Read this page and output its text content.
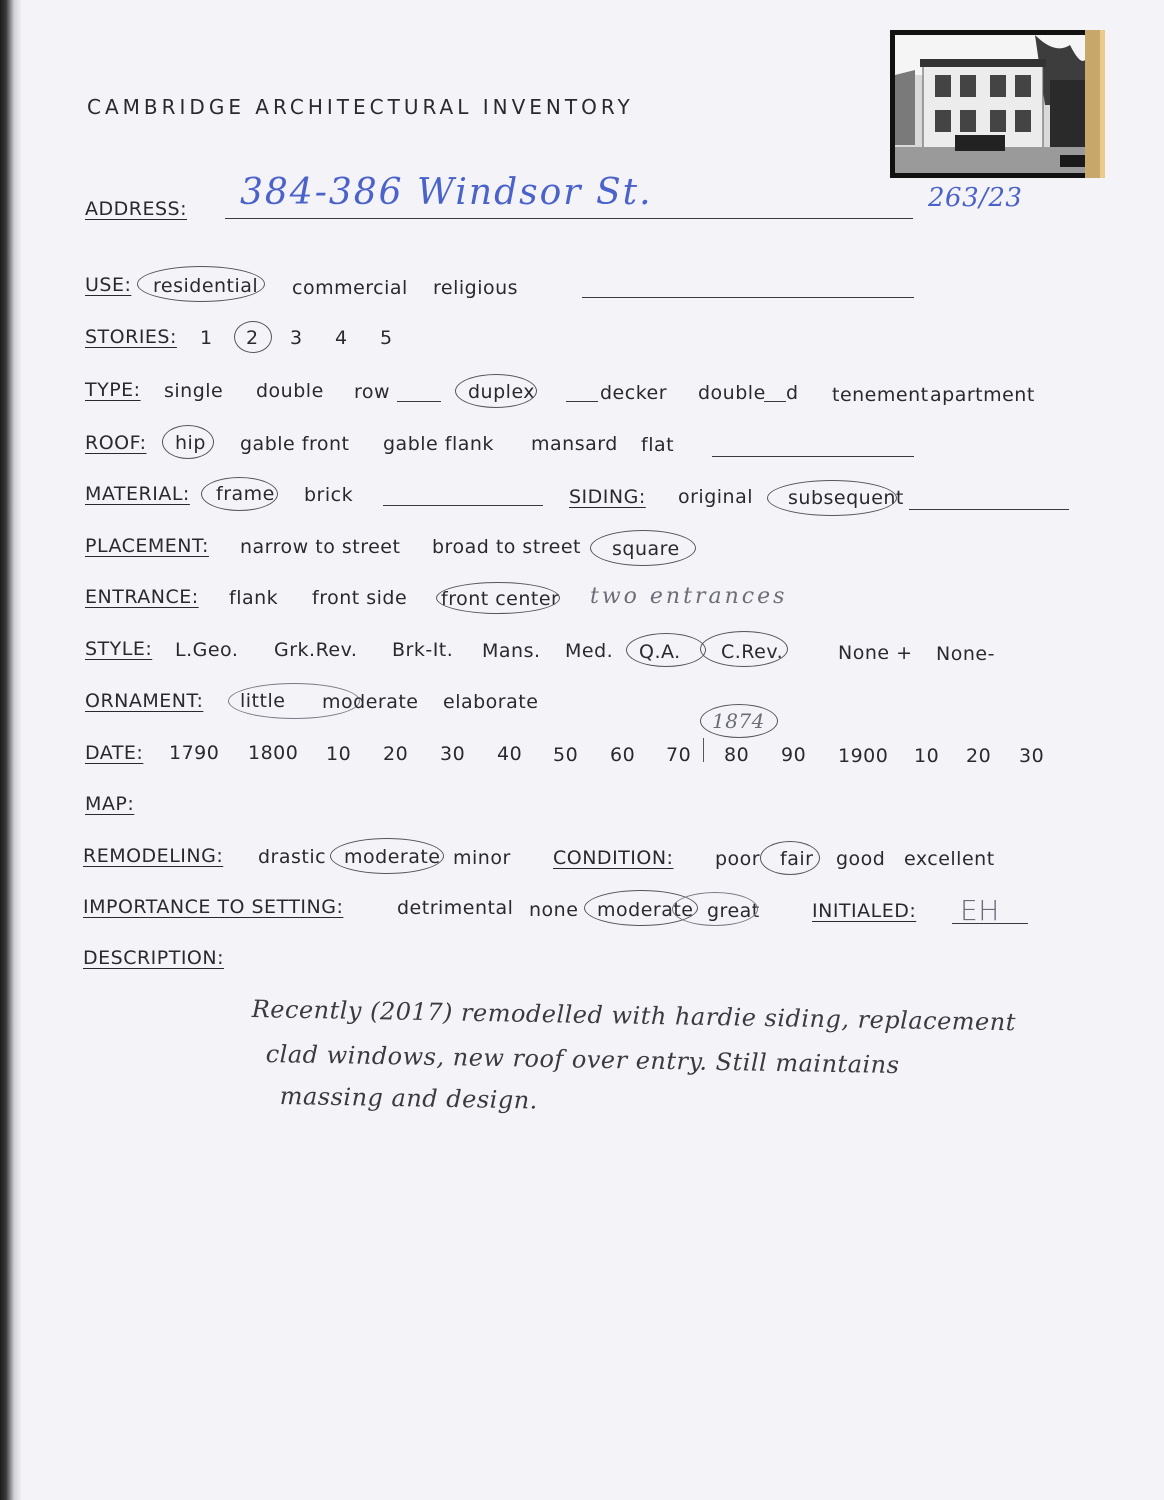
CAMBRIDGE ARCHITECTURAL INVENTORY
ADDRESS: 384-386 Windsor St.	263/23
USE: residential commercial religious
STORIES: 1 2 3 4 5
TYPE: single double row	duplex	decker double d tenement apartment
ROOF: hip gable front gable flank mansard flat
MATERIAL: frame brick	SIDING: original subsequent
PLACEMENT: narrow to street broad to street square
ENTRANCE: flank front side front center two entrances
STYLE: L.Geo. Grk.Rev. Brk-It. Mans. Med. Q.A. C.Rev.	None + None-
ORNAMENT: little moderate elaborate
DATE: 1790 1800 10 20 30 40 50 60 70 80 90 1900 10 20 30
1874
MAP:
REMODELING: drastic moderate minor CONDITION: poor fair good excellent
IMPORTANCE TO SETTING:	detrimental none moderate great	INITIALED: EH
DESCRIPTION:
Recently (2017) remodelled with hardie siding, replacement
clad windows, new roof over entry. Still maintains
massing and design.
